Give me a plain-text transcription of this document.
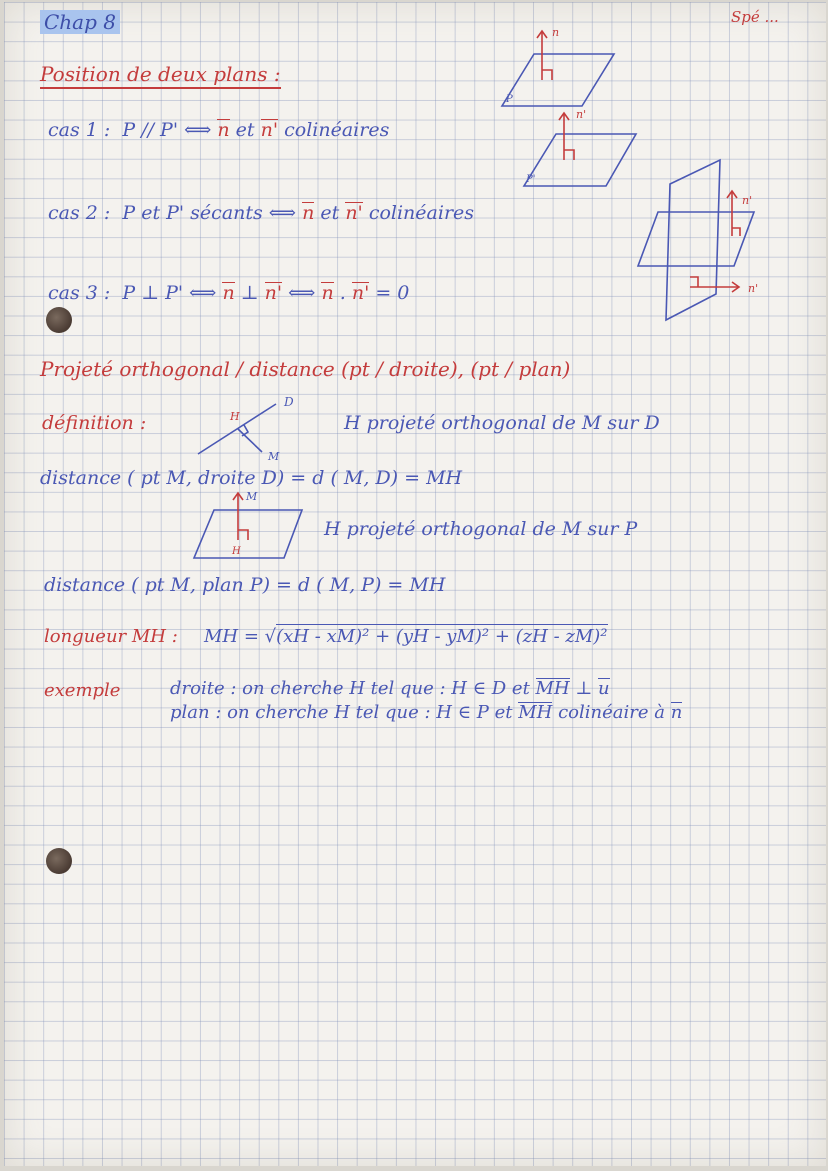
Chap 8	Spé ...
Position de deux plans :
cas 1 : P // P' ⟺ n et n' colinéaires
cas 2 : P et P' sécants ⟺ n et n' colinéaires
cas 3 : P ⊥ P' ⟺ n ⊥ n' ⟺ n . n' = 0
n
n'
P
P'
n'
n'
Projeté orthogonal / distance (pt / droite), (pt / plan)
définition :
D
H
M
H projeté orthogonal de M sur D
distance ( pt M, droite D) = d ( M, D) = MH
M
H
H projeté orthogonal de M sur P
distance ( pt M, plan P) = d ( M, P) = MH
longueur MH : MH = √(xH - xM)² + (yH - yM)² + (zH - zM)²
exemple	droite : on cherche H tel que : H ∈ D et MH ⊥ u
plan : on cherche H tel que : H ∈ P et MH colinéaire à n
